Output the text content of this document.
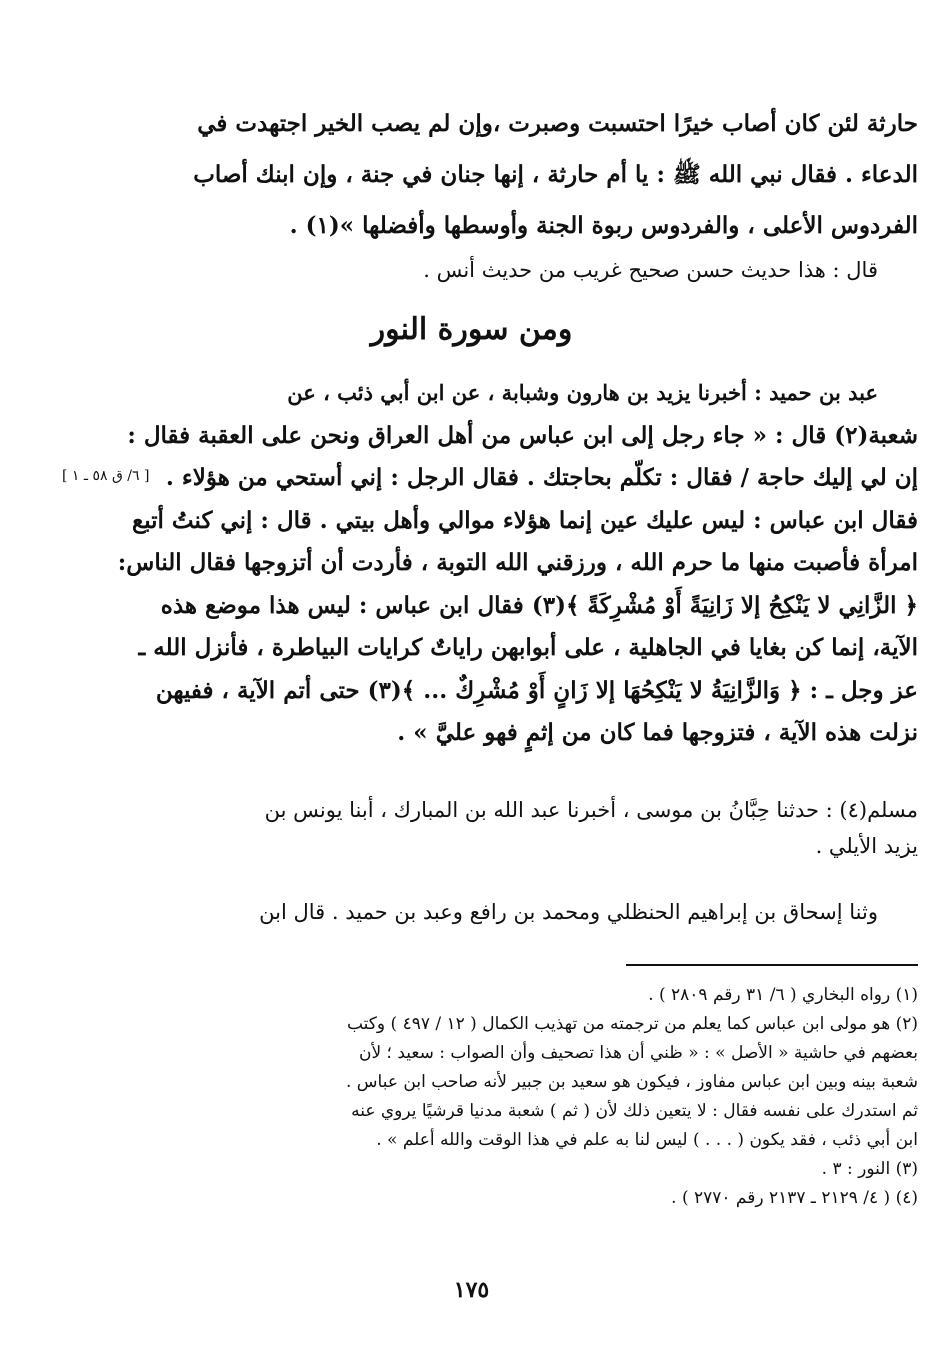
حارثة لئن كان أصاب خيرًا احتسبت وصبرت ،وإن لم يصب الخير اجتهدت في
الدعاء . فقال نبي الله ﷺ : يا أم حارثة ، إنها جنان في جنة ، وإن ابنك أصاب
الفردوس الأعلى ، والفردوس ربوة الجنة وأوسطها وأفضلها »(١) .
قال : هذا حديث حسن صحيح غريب من حديث أنس .
ومن سورة النور
عبد بن حميد : أخبرنا يزيد بن هارون وشبابة ، عن ابن أبي ذئب ، عن
شعبة(٢) قال : « جاء رجل إلى ابن عباس من أهل العراق ونحن على العقبة فقال :
إن لي إليك حاجة / فقال : تكلّم بحاجتك . فقال الرجل : إني أستحي من هؤلاء .
فقال ابن عباس : ليس عليك عين إنما هؤلاء موالي وأهل بيتي . قال : إني كنتُ أتبع
امرأة فأصبت منها ما حرم الله ، ورزقني الله التوبة ، فأردت أن أتزوجها فقال الناس:
﴿ الزَّانِي لا يَنْكِحُ إلا زَانِيَةً أَوْ مُشْرِكَةً ﴾(٣) فقال ابن عباس : ليس هذا موضع هذه
الآية، إنما كن بغايا في الجاهلية ، على أبوابهن راياتٌ كرايات البياطرة ، فأنزل الله ـ
عز وجل ـ : ﴿ وَالزَّانِيَةُ لا يَنْكِحُهَا إلا زَانٍ أَوْ مُشْرِكٌ ... ﴾(٣) حتى أتم الآية ، ففيهن
نزلت هذه الآية ، فتزوجها فما كان من إثمٍ فهو عليَّ » .
[ ٦/ ق ٥٨ ـ ١ ]
مسلم(٤) : حدثنا حِبَّانُ بن موسى ، أخبرنا عبد الله بن المبارك ، أبنا يونس بن
يزيد الأيلي .
وثنا إسحاق بن إبراهيم الحنظلي ومحمد بن رافع وعبد بن حميد . قال ابن
(١) رواه البخاري ( ٦/ ٣١ رقم ٢٨٠٩ ) .
(٢) هو مولى ابن عباس كما يعلم من ترجمته من تهذيب الكمال ( ١٢ / ٤٩٧ ) وكتب
بعضهم في حاشية « الأصل » : « ظني أن هذا تصحيف وأن الصواب : سعيد ؛ لأن
شعبة بينه وبين ابن عباس مفاوز ، فيكون هو سعيد بن جبير لأنه صاحب ابن عباس .
ثم استدرك على نفسه فقال : لا يتعين ذلك لأن ( ثم ) شعبة مدنيا قرشيًا يروي عنه
ابن أبي ذئب ، فقد يكون ( . . . ) ليس لنا به علم في هذا الوقت والله أعلم » .
(٣) النور : ٣ .
(٤) ( ٤/ ٢١٢٩ ـ ٢١٣٧ رقم ٢٧٧٠ ) .
١٧٥
